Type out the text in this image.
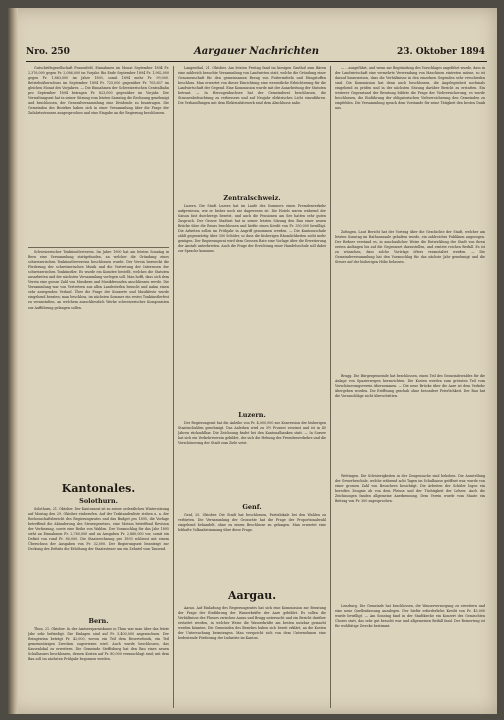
Nro. 250	Aargauer Nachrichten	23. Oktober 1894

Gutschriftsgesellschaft Frauenfeld, Einnahmen im Monat September 1894 Fr. 2,376,000 gegen Fr. 2,086,000 im Vorjahr. Bis Ende September 1894 Fr. 1,962,000 gegen Fr. 1,863,000 im Jahre 1893, somit 1894 mehr Fr. 99,000. Betriebsüberschuss im September 1894 Fr. 725,000 gegenüber Fr. 705,637 im gleichen Monat des Vorjahres. — Die Einnahmen der Schweizerischen Centralbahn pro September 1894 betragen Fr. 823,000 gegenüber im Vorjahr. Der Verwaltungsrat hat in seiner Sitzung vom letzten Samstag die Rechnung genehmigt und beschlossen, der Generalversammlung eine Dividende zu beantragen. Die Gemeinden des Bezirkes haben sich in einer Versammlung über die Frage der Zufahrtsstrassen ausgesprochen und eine Eingabe an die Regierung beschlossen.

Schweizerischer Tonkünstlerverein. Im Jahre 1900 hat am letzten Sonntag in Bern eine Versammlung stattgefunden, an welcher die Gründung eines schweizerischen Tonkünstlervereins beschlossen wurde. Der Verein bezweckt die Förderung der schweizerischen Musik und die Vertretung der Interessen der schweizerischen Tonkünstler. Es wurde ein Komitee bestellt, welches die Statuten ausarbeiten und der nächsten Versammlung vorlegen soll. Man hofft, dass sich dem Verein eine grosse Zahl von Musikern und Musikfreunden anschliessen werde. Die Versammlung war von Vertretern aus allen Landesteilen besucht und nahm einen sehr anregenden Verlauf. Über die Frage der Konzerte und Musikfeste wurde eingehend beraten; man beschloss, im nächsten Sommer ein erstes Tonkünstlerfest zu veranstalten, an welchem ausschliesslich Werke schweizerischer Komponisten zur Aufführung gelangen sollen.

Kantonales.
Solothurn.

Solothurn, 21. Oktober. Der Kantonsrat ist zu seiner ordentlichen Wintersitzung auf Montag den 29. Oktober einberufen. Auf der Traktandenliste stehen u. a. der Rechenschaftsbericht des Regierungsrates und das Budget pro 1895, die Vorlage betreffend die Abänderung des Steuergesetzes, eine Motion betreffend Revision der Verfassung, sowie eine Reihe von Wahlen. Der Voranschlag für das Jahr 1895 sieht an Einnahmen Fr. 2,780,000 und an Ausgaben Fr. 2,860,000 vor, somit ein Defizit von rund Fr. 80,000. Die Staatsrechnung pro 1893 schliesst mit einem Überschuss der Ausgaben von Fr. 32,000. Der Regierungsrat beantragt zur Deckung des Defizits die Erhöhung der Staatssteuer um ein Zehntel vom Tausend.

Bern.

Thun, 21. Oktober. In der Amtsersparniskasse in Thun war man über das letzte Jahr sehr befriedigt. Die Einlagen sind auf Fr. 5,400,000 angewachsen. Der Reingewinn beträgt Fr. 42,000, wovon ein Teil dem Reservefonds, ein Teil gemeinnützigen Zwecken zugewiesen wird. Auch wurde beschlossen, das Kassenlokal zu erweitern. Die Gemeinde Steffisburg hat den Bau eines neuen Schulhauses beschlossen, dessen Kosten auf Fr. 80,000 veranschlagt sind; mit dem Bau soll im nächsten Frühjahr begonnen werden.

Langenthal, 21. Oktober. Am letzten Freitag fand im hiesigen Gasthof zum Bären eine zahlreich besuchte Versammlung von Landwirten statt, welche die Gründung einer Genossenschaft für den gemeinsamen Bezug von Futtermitteln und Düngstoffen beschloss. Man erwartet von dieser Einrichtung eine wesentliche Erleichterung für die Landwirtschaft der Gegend. Eine Kommission wurde mit der Ausarbeitung der Statuten betraut. — In Herzogenbuchsee hat der Gemeinderat beschlossen, die Strassenbeleuchtung zu verbessern und auf Neujahr elektrisches Licht einzuführen. Die Verhandlungen mit dem Elektrizitätswerk sind dem Abschlusse nahe.

Zentralschweiz.

Luzern. Die Stadt Luzern hat im Laufe des Sommers einen Fremdenverkehr aufgewiesen, wie er bisher noch nie dagewesen ist. Die Hotels waren während der Saison fast durchwegs besetzt, und auch die Pensionen am See hatten sehr guten Zuspruch. Der Grosse Stadtrat hat in seiner letzten Sitzung den Bau einer neuen Brücke über die Reuss beschlossen und hiefür einen Kredit von Fr. 350,000 bewilligt. Die Arbeiten sollen im Frühjahr in Angriff genommen werden. — Die Kantonsschule zählt gegenwärtig über 300 Schüler, so dass die bisherigen Räumlichkeiten nicht mehr genügen. Der Regierungsrat wird dem Grossen Rate eine Vorlage über die Erweiterung der Anstalt unterbreiten. Auch die Frage der Errichtung einer Handelsschule soll dabei zur Sprache kommen.

Luzern.

Der Regierungsrat hat die Anleihe von Fr. 4,000,000 zur Konversion der bisherigen Staatsschulden genehmigt. Das Anleihen wird zu 3½ Prozent verzinst und ist in 40 Jahren rückzahlbar. Die Zeichnung findet bei den Kantonalbanken statt. — In Sursee hat sich ein Verkehrsverein gebildet, der sich die Hebung des Fremdenverkehrs und die Verschönerung der Stadt zum Ziele setzt.

Genf.

Genf, 20. Oktober. Die Stadt hat beschlossen, Parteilokale bei den Wahlen zu verbieten. Die Versammlung der Grossräte hat die Frage der Proportionalwahl eingehend behandelt, ohne zu einem Beschlusse zu gelangen. Man erwartet eine lebhafte Volksabstimmung über diese Frage.

Aargau.

Aarau. Auf Einladung des Regierungsrates hat sich eine Kommission zur Beratung der Frage der Einführung der Wasserkräfte der Aare gebildet. Es sollen die Verhältnisse des Flusses zwischen Aarau und Brugg untersucht und ein Bericht darüber erstattet werden, in welcher Weise die Wasserkräfte am besten nutzbar gemacht werden könnten. Die Gemeinden des Bezirkes haben sich bereit erklärt, an die Kosten der Untersuchung beizutragen. Man verspricht sich von dem Unternehmen eine bedeutende Förderung der Industrie im Kanton.

— ...ausgeführt, und wenn zur Begründung des Vorschlages angeführt wurde, dass in der Landwirtschaft eine vermehrte Verwendung von Maschinen eintreten müsse, so ist darauf hinzuweisen, dass die Verhältnisse in den einzelnen Gegenden sehr verschieden sind. Die Kommission hat denn auch beschlossen, die Angelegenheit nochmals eingehend zu prüfen und in der nächsten Sitzung darüber Bericht zu erstatten. Ein weiterer Gegenstand der Beratung bildete die Frage der Viehversicherung; es wurde beschlossen, die Einführung der obligatorischen Viehversicherung den Gemeinden zu empfehlen. Die Versammlung sprach dem Vorstande für seine Tätigkeit den besten Dank aus.

Zofingen. Laut Bericht hat der Vortrag über die Geschichte der Stadt, welcher am letzten Sonntag im Rathaussaale gehalten wurde, ein zahlreiches Publikum angezogen. Der Redner verstand es, in anschaulicher Weise die Entwicklung der Stadt von ihren ersten Anfängen bis auf die Gegenwart darzustellen, und erntete reichen Beifall. Es ist zu wünschen, dass solche Vorträge öfters veranstaltet werden. — Die Gemeindeversammlung hat den Voranschlag für das nächste Jahr genehmigt und die Steuer auf der bisherigen Höhe belassen.

Brugg. Die Bürgergemeinde hat beschlossen, einen Teil des Gemeindewaldes für die Anlage von Spazierwegen herzurichten. Die Kosten werden zum grössten Teil vom Verschönerungsverein übernommen. — Die neue Brücke über die Aare ist dem Verkehr übergeben worden. Die Eröffnung geschah ohne besondere Feierlichkeit. Der Bau hat die Voranschläge nicht überschritten.

Wettingen. Die Schwierigkeiten in der Zeugensache sind behoben. Die Ausstellung der Gewerbeschule, welche während acht Tagen im Schulhause geöffnet war, wurde von einer grossen Zahl von Besuchern besichtigt. Die Arbeiten der Schüler legen ein beredtes Zeugnis ab von dem Fleisse und der Tüchtigkeit der Lehrer. Auch die Zeichnungen fanden allgemeine Anerkennung. Dem Verein wurde vom Staate ein Beitrag von Fr. 300 zugesprochen.

Lenzburg. Die Gemeinde hat beschlossen, die Wasserversorgung zu erweitern und eine neue Quellenfassung anzulegen. Der hiefür erforderliche Kredit von Fr. 45,000 wurde bewilligt. — Am Sonntag fand in der Stadtkirche ein Konzert des Gemischten Chores statt, das sehr gut besucht war und allgemeinen Beifall fand. Der Reinertrag ist für wohltätige Zwecke bestimmt.
